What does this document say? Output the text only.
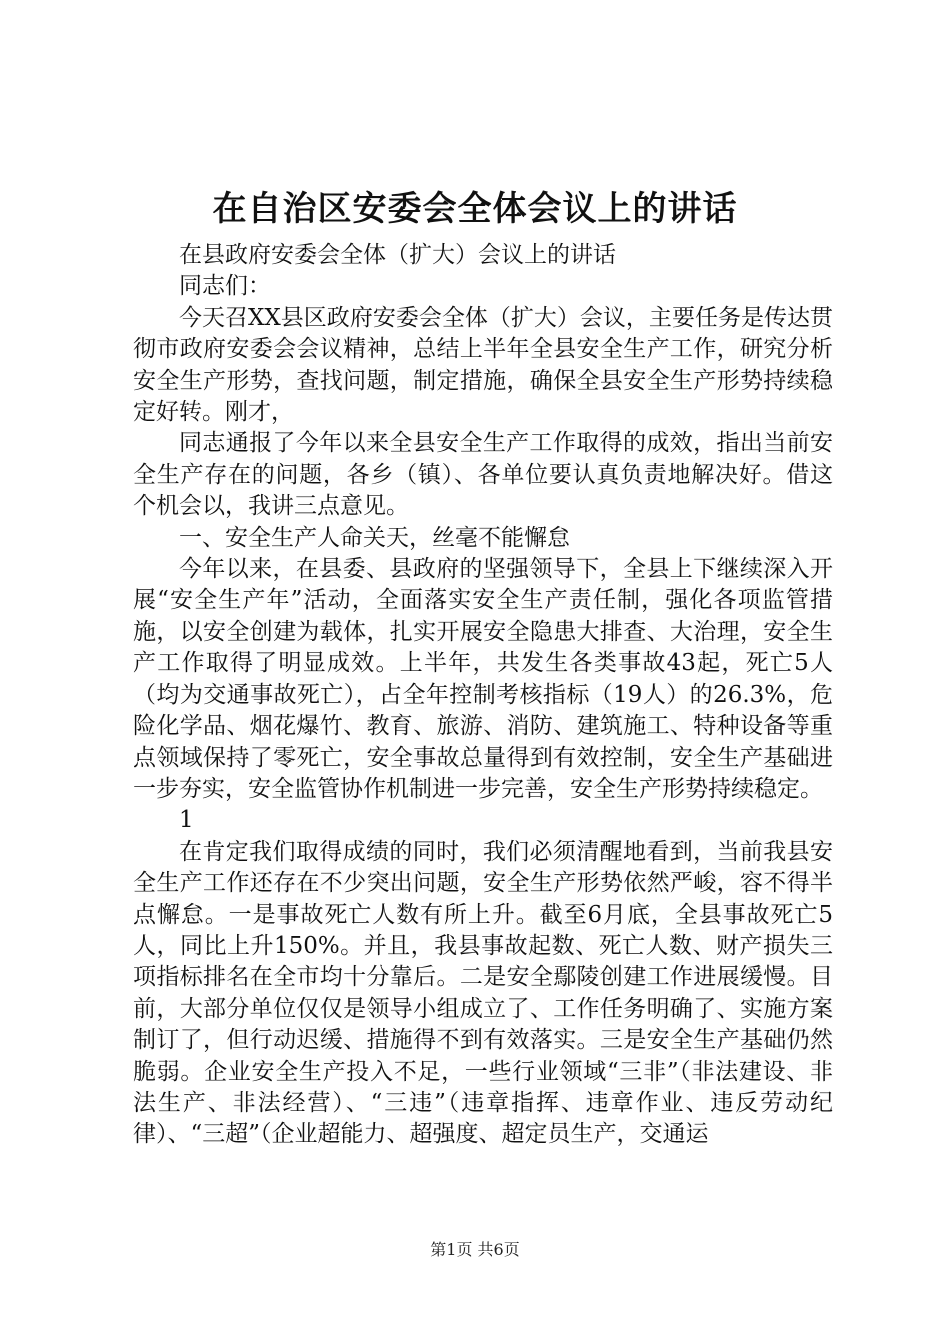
在自治区安委会全体会议上的讲话

在县政府安委会全体（扩大）会议上的讲话

同志们：

今天召XX县区政府安委会全体（扩大）会议，主要任务是传达贯彻市政府安委会会议精神，总结上半年全县安全生产工作，研究分析安全生产形势，查找问题，制定措施，确保全县安全生产形势持续稳定好转。刚才，

同志通报了今年以来全县安全生产工作取得的成效，指出当前安全生产存在的问题，各乡（镇）、各单位要认真负责地解决好。借这个机会以，我讲三点意见。

一、安全生产人命关天，丝毫不能懈怠

今年以来，在县委、县政府的坚强领导下，全县上下继续深入开展“安全生产年”活动，全面落实安全生产责任制，强化各项监管措施，以安全创建为载体，扎实开展安全隐患大排查、大治理，安全生产工作取得了明显成效。上半年，共发生各类事故43起，死亡5人（均为交通事故死亡），占全年控制考核指标（19人）的26.3%，危险化学品、烟花爆竹、教育、旅游、消防、建筑施工、特种设备等重点领域保持了零死亡，安全事故总量得到有效控制，安全生产基础进一步夯实，安全监管协作机制进一步完善，安全生产形势持续稳定。

1

在肯定我们取得成绩的同时，我们必须清醒地看到，当前我县安全生产工作还存在不少突出问题，安全生产形势依然严峻，容不得半点懈怠。一是事故死亡人数有所上升。截至6月底，全县事故死亡5人，同比上升150%。并且，我县事故起数、死亡人数、财产损失三项指标排名在全市均十分靠后。二是安全鄢陵创建工作进展缓慢。目前，大部分单位仅仅是领导小组成立了、工作任务明确了、实施方案制订了，但行动迟缓、措施得不到有效落实。三是安全生产基础仍然脆弱。企业安全生产投入不足，一些行业领域“三非”（非法建设、非法生产、非法经营）、“三违”（违章指挥、违章作业、违反劳动纪律）、“三超”（企业超能力、超强度、超定员生产，交通运

第1页 共6页
